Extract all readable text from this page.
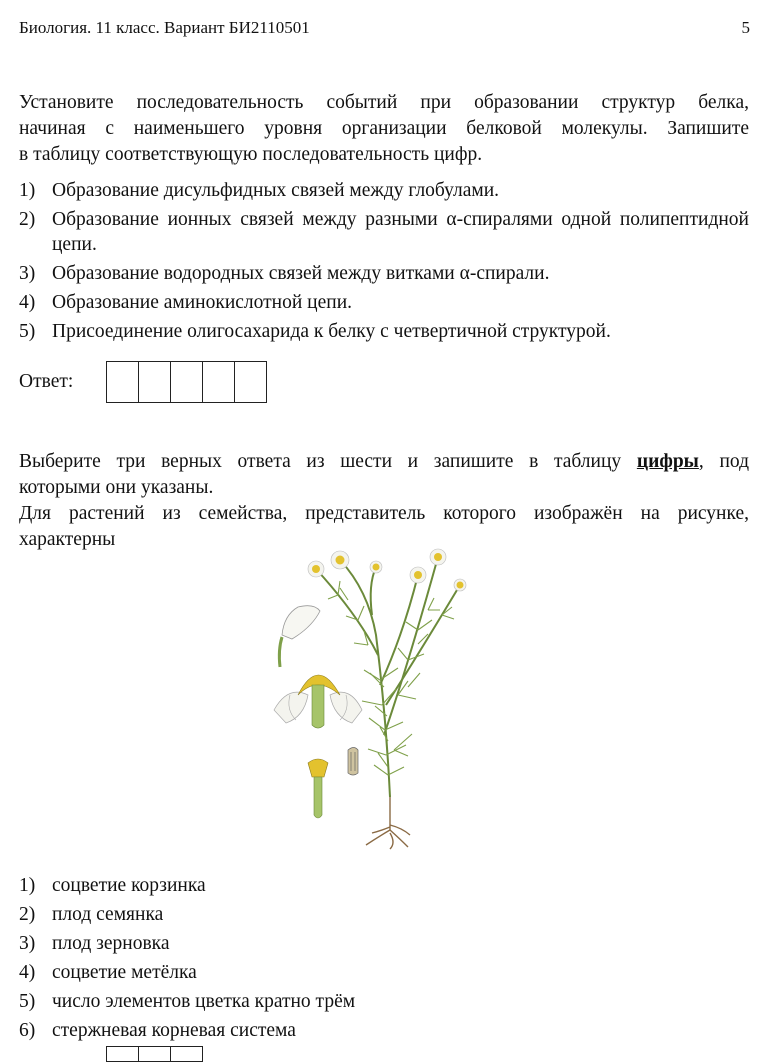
Биология. 11 класс. Вариант БИ2110501	5
Установите последовательность событий при образовании структур белка,
начиная с наименьшего уровня организации белковой молекулы. Запишите
в таблицу соответствующую последовательность цифр.
1) Образование дисульфидных связей между глобулами.
2) Образование ионных связей между разными α-спиралями одной полипептидной цепи.
3) Образование водородных связей между витками α-спирали.
4) Образование аминокислотной цепи.
5) Присоединение олигосахарида к белку с четвертичной структурой.
Ответ:
Выберите три верных ответа из шести и запишите в таблицу цифры, под
которыми они указаны.
Для растений из семейства, представитель которого изображён на рисунке,
характерны
1) соцветие корзинка
2) плод семянка
3) плод зерновка
4) соцветие метёлка
5) число элементов цветка кратно трём
6) стержневая корневая система
